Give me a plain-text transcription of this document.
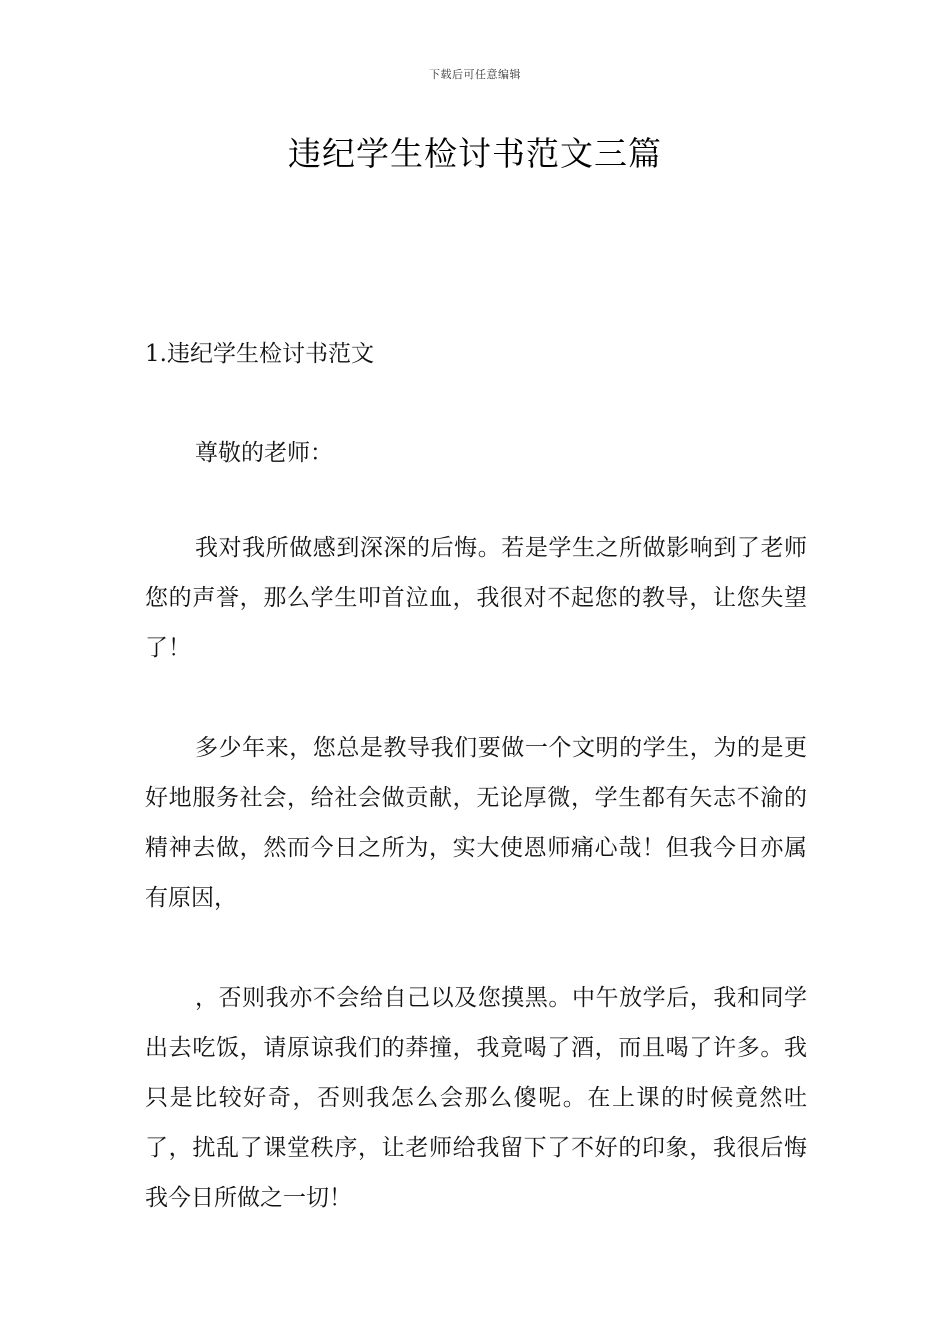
下载后可任意编辑
违纪学生检讨书范文三篇
1.违纪学生检讨书范文
尊敬的老师：

我对我所做感到深深的后悔。若是学生之所做影响到了老师您的声誉，那么学生叩首泣血，我很对不起您的教导，让您失望了！

多少年来，您总是教导我们要做一个文明的学生，为的是更好地服务社会，给社会做贡献，无论厚微，学生都有矢志不渝的精神去做，然而今日之所为，实大使恩师痛心哉！但我今日亦属有原因，

，否则我亦不会给自己以及您摸黑。中午放学后，我和同学出去吃饭，请原谅我们的莽撞，我竟喝了酒，而且喝了许多。我只是比较好奇，否则我怎么会那么傻呢。在上课的时候竟然吐了，扰乱了课堂秩序，让老师给我留下了不好的印象，我很后悔我今日所做之一切！
